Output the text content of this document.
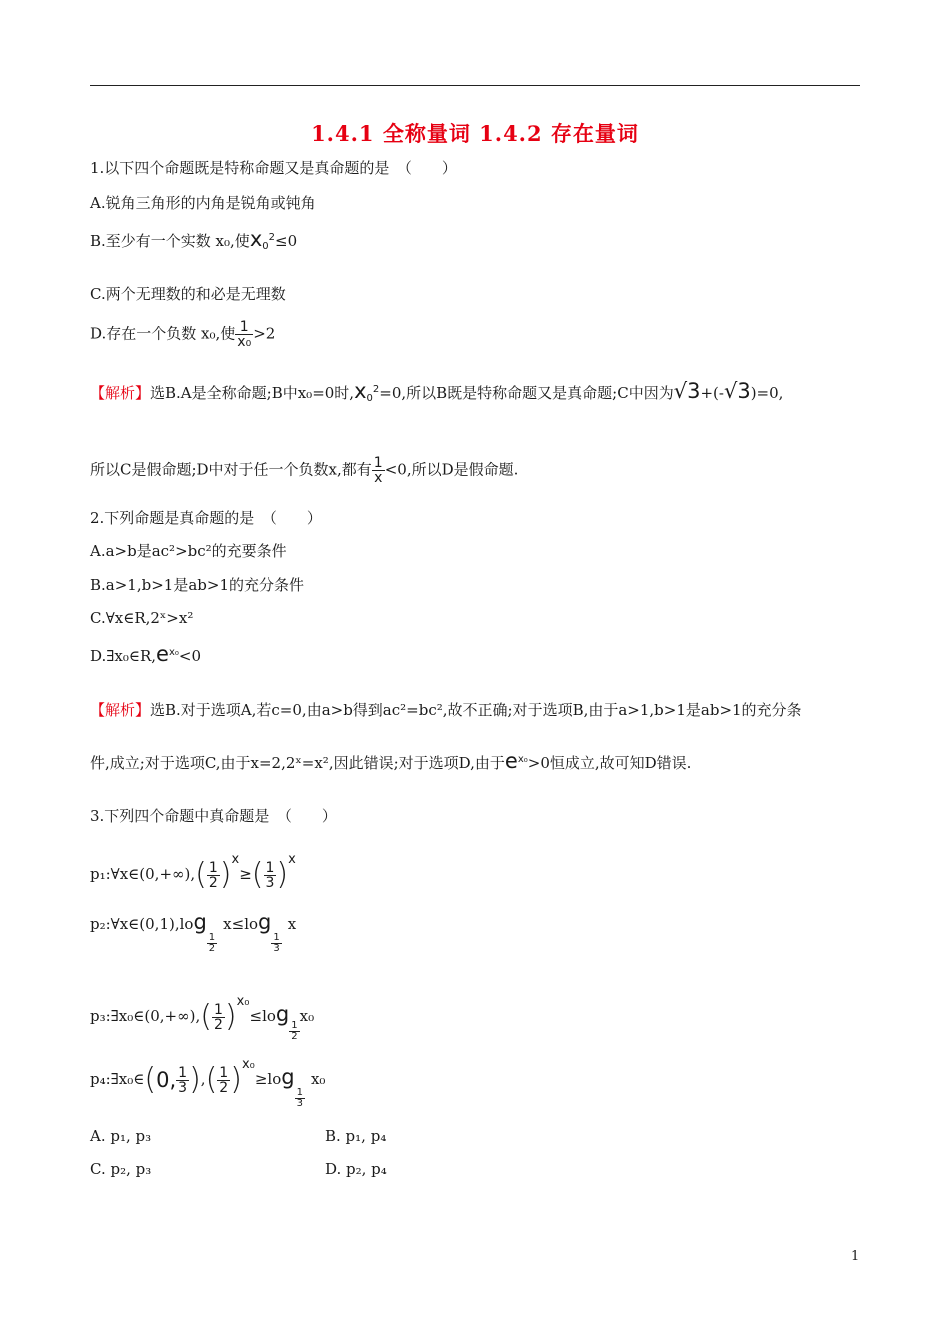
1.4.1 全称量词 1.4.2 存在量词
1.以下四个命题既是特称命题又是真命题的是　（　　）
A.锐角三角形的内角是锐角或钝角
B.至少有一个实数 x₀,使$x_0^2\le 0$
C.两个无理数的和必是无理数
D.存在一个负数 x₀,使 $\frac{1}{\text{x₀}} >2$
【解析】选B.A是全称命题;B中x₀=0时$,x_0^2=0$,所以B既是特称命题又是真命题;C中因为√3+(-√3)=0,
所以C是假命题;D中对于任一个负数x,都有 $\frac{1}{x} <0$,所以D是假命题.
2.下列命题是真命题的是　（　　）
A.a>b是ac²>bc²的充要条件
B.a>1,b>1是ab>1的充分条件
C.∀x∈R,2ˣ>x²
$D.\exists x_0\in R,e^{x_0}<0$
【解析】选B.对于选项A,若c=0,由a>b得到ac²=bc²,故不正确;对于选项B,由于a>1,b>1是ab>1的充分条
件,成立;对于选项C,由于x=2,2ˣ=x²,因此错误;对于选项D,由于$e^{x_0}>0$恒成立,故可知D错误.
3.下列四个命题中真命题是　（　　）
p₁:∀x∈(0,+∞),( $\frac{1}{2} )x\ge( \frac{1}{3} )x$
p₂:∀x∈(0,1),log
$\frac{1}{2}$
x≤log
$\frac{1}{3}$
x
p₃:∃x₀∈(0,+∞),( $\frac{1}{2} )x_0\le\log$
$\frac{1}{2}$
x₀
p₄:∃x₀∈(0, $\frac{1}{3}$ ),( $\frac{1}{2} )x_0\ge\log$
$\frac{1}{3}$
x₀
A. p₁, p₃	B. p₁, p₄
C. p₂, p₃	D. p₂, p₄
1
